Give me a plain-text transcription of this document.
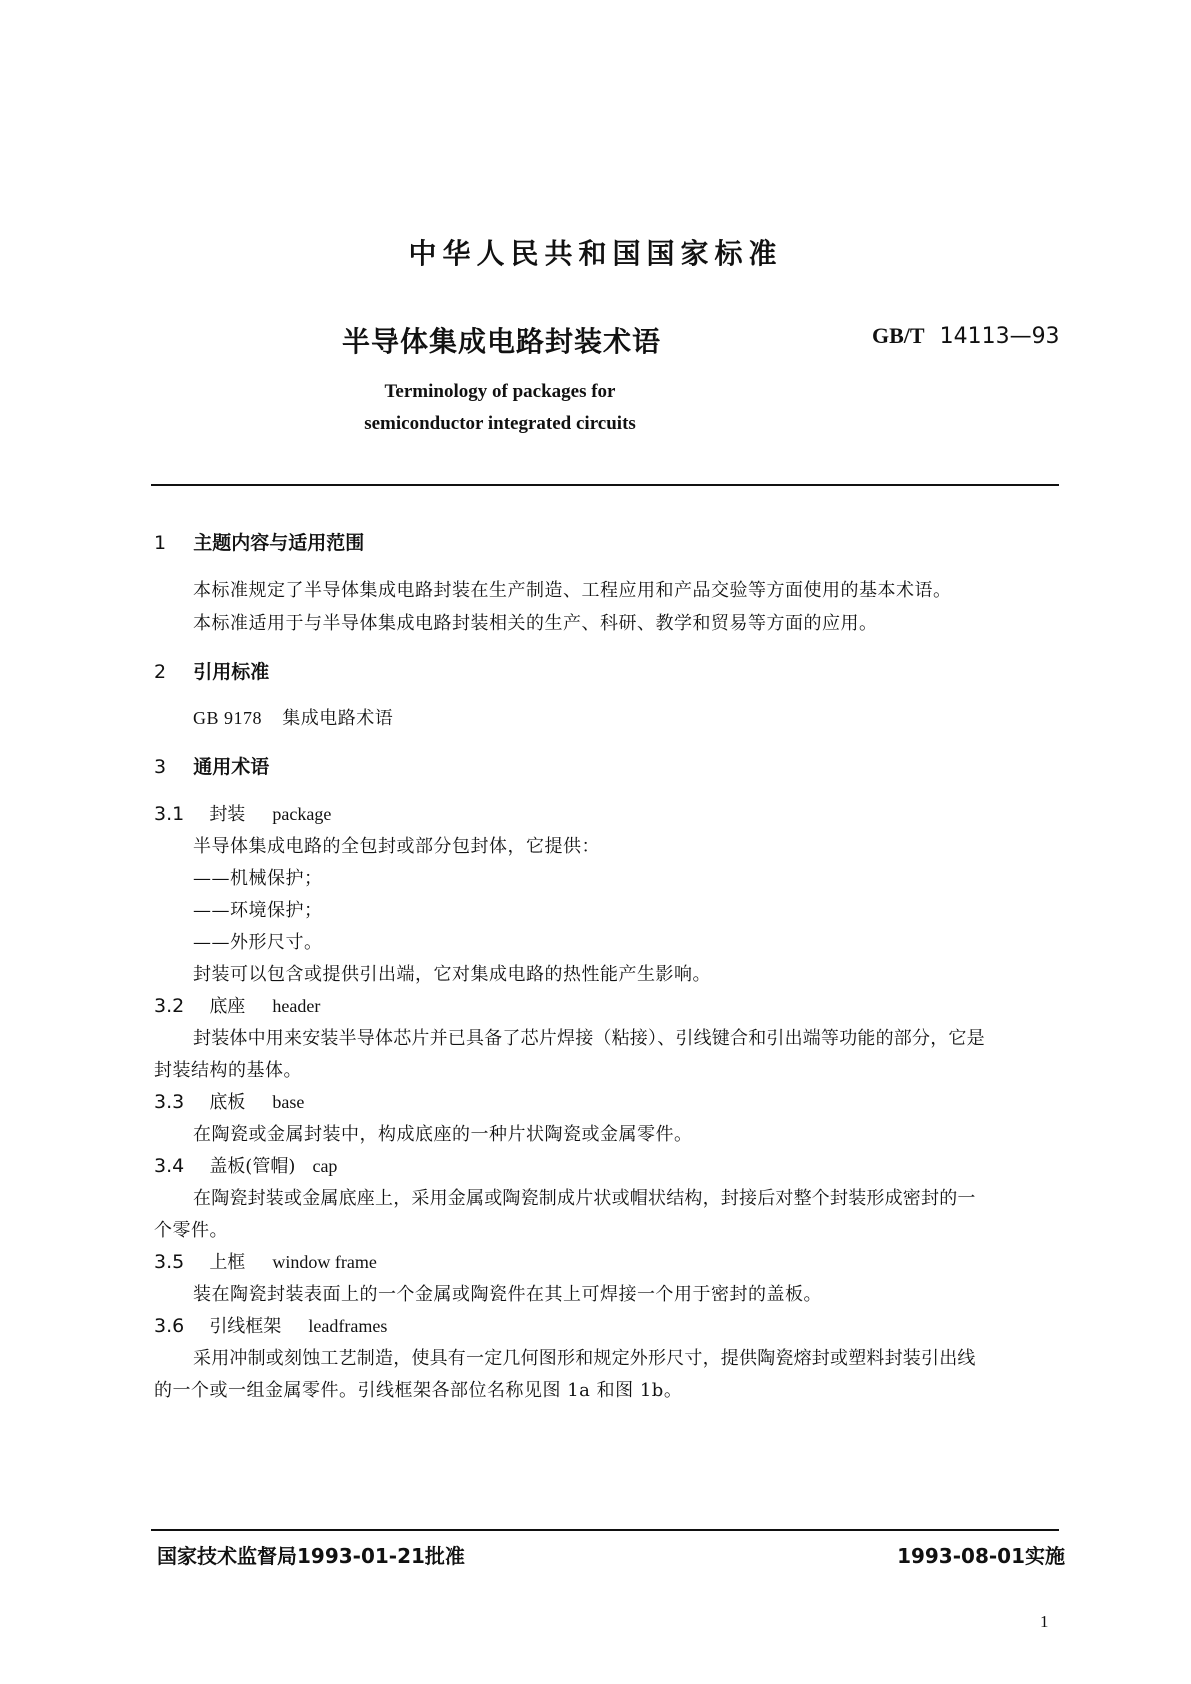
中华人民共和国国家标准
半导体集成电路封装术语	GB/T 14113—93
Terminology of packages for
semiconductor integrated circuits
1 主题内容与适用范围
本标准规定了半导体集成电路封装在生产制造、工程应用和产品交验等方面使用的基本术语。
本标准适用于与半导体集成电路封装相关的生产、科研、教学和贸易等方面的应用。
2 引用标准
GB 9178 集成电路术语
3 通用术语
3.1 封装 package
半导体集成电路的全包封或部分包封体，它提供：
——机械保护；
——环境保护；
——外形尺寸。
封装可以包含或提供引出端，它对集成电路的热性能产生影响。
3.2 底座 header
封装体中用来安装半导体芯片并已具备了芯片焊接（粘接）、引线键合和引出端等功能的部分，它是
封装结构的基体。
3.3 底板 base
在陶瓷或金属封装中，构成底座的一种片状陶瓷或金属零件。
3.4 盖板(管帽) cap
在陶瓷封装或金属底座上，采用金属或陶瓷制成片状或帽状结构，封接后对整个封装形成密封的一
个零件。
3.5 上框 window frame
装在陶瓷封装表面上的一个金属或陶瓷件在其上可焊接一个用于密封的盖板。
3.6 引线框架 leadframes
采用冲制或刻蚀工艺制造，使具有一定几何图形和规定外形尺寸，提供陶瓷熔封或塑料封装引出线
的一个或一组金属零件。引线框架各部位名称见图 1a 和图 1b。
国家技术监督局1993-01-21批准	1993-08-01实施
1
